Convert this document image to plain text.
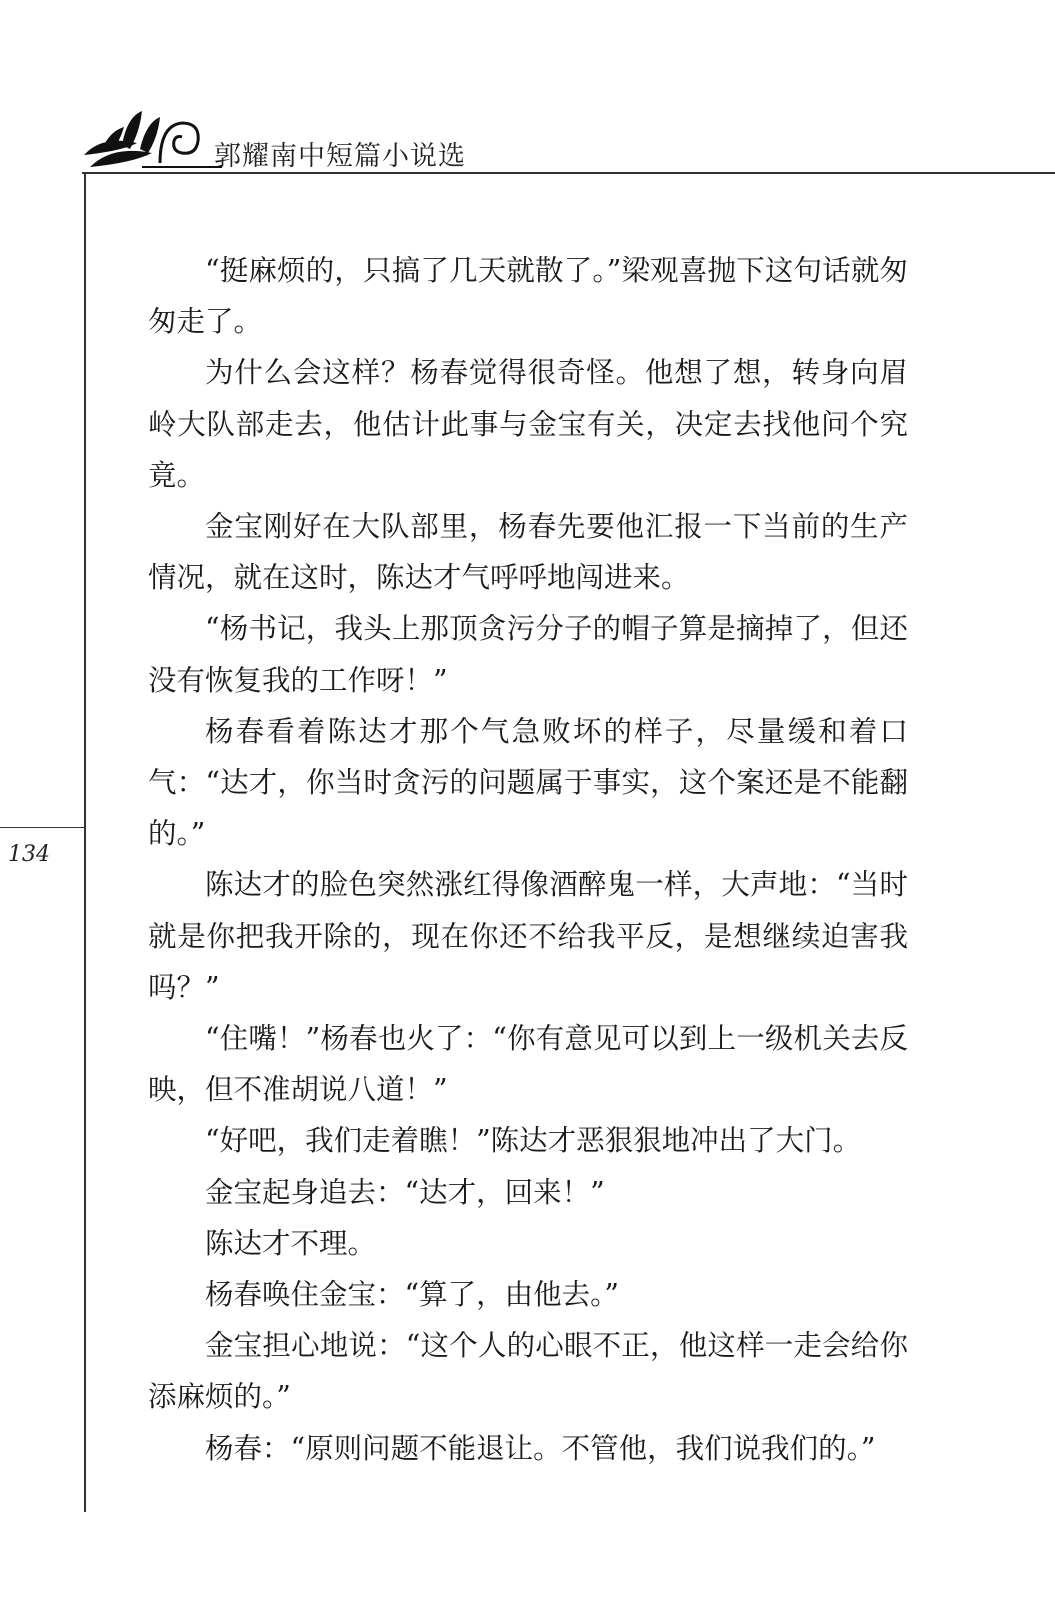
郭耀南中短篇小说选
134

“挺麻烦的，只搞了几天就散了。”梁观喜抛下这句话就匆匆走了。

为什么会这样？杨春觉得很奇怪。他想了想，转身向眉岭大队部走去，他估计此事与金宝有关，决定去找他问个究竟。

金宝刚好在大队部里，杨春先要他汇报一下当前的生产情况，就在这时，陈达才气呼呼地闯进来。

“杨书记，我头上那顶贪污分子的帽子算是摘掉了，但还没有恢复我的工作呀！”

杨春看着陈达才那个气急败坏的样子，尽量缓和着口气：“达才，你当时贪污的问题属于事实，这个案还是不能翻的。”

陈达才的脸色突然涨红得像酒醉鬼一样，大声地：“当时就是你把我开除的，现在你还不给我平反，是想继续迫害我吗？”

“住嘴！”杨春也火了：“你有意见可以到上一级机关去反映，但不准胡说八道！”

“好吧，我们走着瞧！”陈达才恶狠狠地冲出了大门。

金宝起身追去：“达才，回来！”

陈达才不理。

杨春唤住金宝：“算了，由他去。”

金宝担心地说：“这个人的心眼不正，他这样一走会给你添麻烦的。”

杨春：“原则问题不能退让。不管他，我们说我们的。”
